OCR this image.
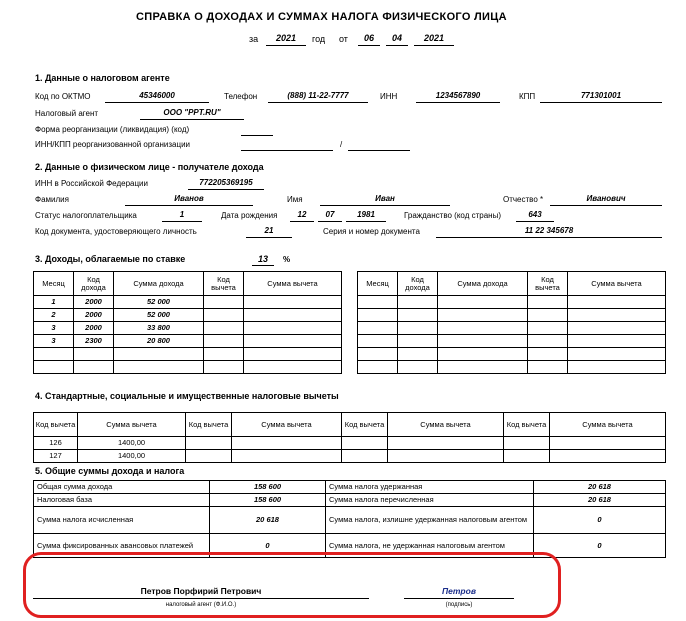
СПРАВКА О ДОХОДАХ И СУММАХ НАЛОГА ФИЗИЧЕСКОГО ЛИЦА
за	2021	год от	06	04	2021
1. Данные о налоговом агенте
Код по ОКТМО	45346000	Телефон	(888) 11-22-7777	ИНН	1234567890	КПП	771301001
Налоговый агент	ООО "PPT.RU"
Форма реорганизации (ликвидация) (код)
ИНН/КПП реорганизованной организации	/
2. Данные о физическом лице - получателе дохода
ИНН в Российской Федерации	772205369195
Фамилия	Иванов	Имя	Иван	Отчество *	Иванович
Статус налогоплательщика	1	Дата рождения	12	07	1981	Гражданство (код страны)	643
Код документа, удостоверяющего личность	21	Серия и номер документа	11 22 345678
3. Доходы, облагаемые по ставке	13	%
Месяц	Код дохода	Сумма дохода	Код вычета	Сумма вычета
1	2000	52 000		
2	2000	52 000		
3	2000	33 800		
3	2300	20 800		

Месяц	Код дохода	Сумма дохода	Код вычета	Сумма вычета

4. Стандартные, социальные и имущественные налоговые вычеты
Код вычета	Сумма вычета	Код вычета	Сумма вычета	Код вычета	Сумма вычета	Код вычета	Сумма вычета
126	1400,00						
127	1400,00						
5. Общие суммы дохода и налога
Общая сумма дохода	158 600	Сумма налога удержанная	20 618
Налоговая база	158 600	Сумма налога перечисленная	20 618
Сумма налога исчисленная	20 618	Сумма налога, излишне удержанная налоговым агентом	0
Сумма фиксированных авансовых платежей	0	Сумма налога, не удержанная налоговым агентом	0
Петров Порфирий Петрович
налоговый агент (Ф.И.О.)
Петров
(подпись)
